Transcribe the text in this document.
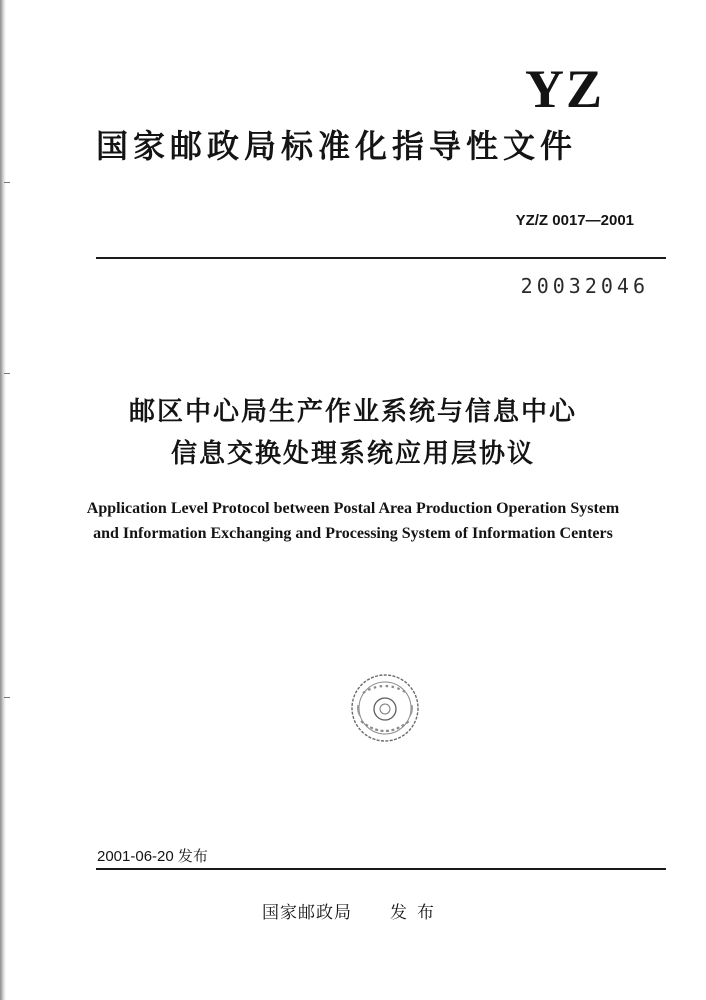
YZ

国家邮政局标准化指导性文件

YZ/Z 0017—2001

20032046

邮区中心局生产作业系统与信息中心
信息交换处理系统应用层协议
Application Level Protocol between Postal Area Production Operation System
and Information Exchanging and Processing System of Information Centers

2001-06-20 发布

国家邮政局 发布
